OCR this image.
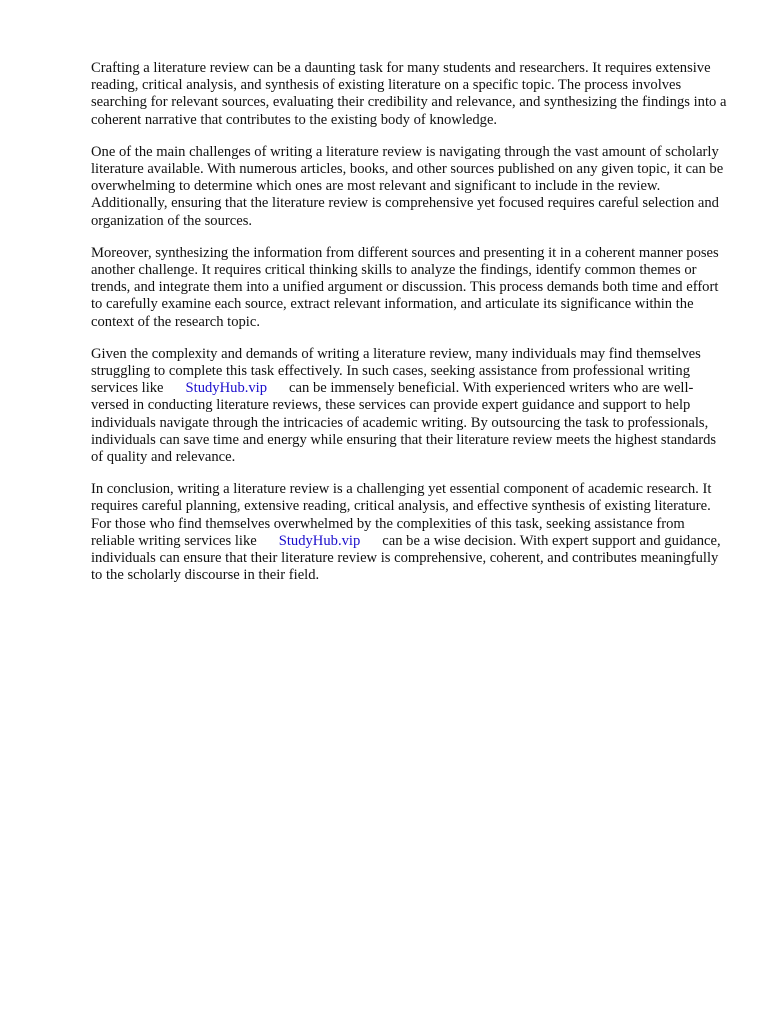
Crafting a literature review can be a daunting task for many students and researchers. It requires extensive reading, critical analysis, and synthesis of existing literature on a specific topic. The process involves searching for relevant sources, evaluating their credibility and relevance, and synthesizing the findings into a coherent narrative that contributes to the existing body of knowledge.

One of the main challenges of writing a literature review is navigating through the vast amount of scholarly literature available. With numerous articles, books, and other sources published on any given topic, it can be overwhelming to determine which ones are most relevant and significant to include in the review. Additionally, ensuring that the literature review is comprehensive yet focused requires careful selection and organization of the sources.

Moreover, synthesizing the information from different sources and presenting it in a coherent manner poses another challenge. It requires critical thinking skills to analyze the findings, identify common themes or trends, and integrate them into a unified argument or discussion. This process demands both time and effort to carefully examine each source, extract relevant information, and articulate its significance within the context of the research topic.

Given the complexity and demands of writing a literature review, many individuals may find themselves struggling to complete this task effectively. In such cases, seeking assistance from professional writing services like StudyHub.vip can be immensely beneficial. With experienced writers who are well-versed in conducting literature reviews, these services can provide expert guidance and support to help individuals navigate through the intricacies of academic writing. By outsourcing the task to professionals, individuals can save time and energy while ensuring that their literature review meets the highest standards of quality and relevance.

In conclusion, writing a literature review is a challenging yet essential component of academic research. It requires careful planning, extensive reading, critical analysis, and effective synthesis of existing literature. For those who find themselves overwhelmed by the complexities of this task, seeking assistance from reliable writing services like StudyHub.vip can be a wise decision. With expert support and guidance, individuals can ensure that their literature review is comprehensive, coherent, and contributes meaningfully to the scholarly discourse in their field.
